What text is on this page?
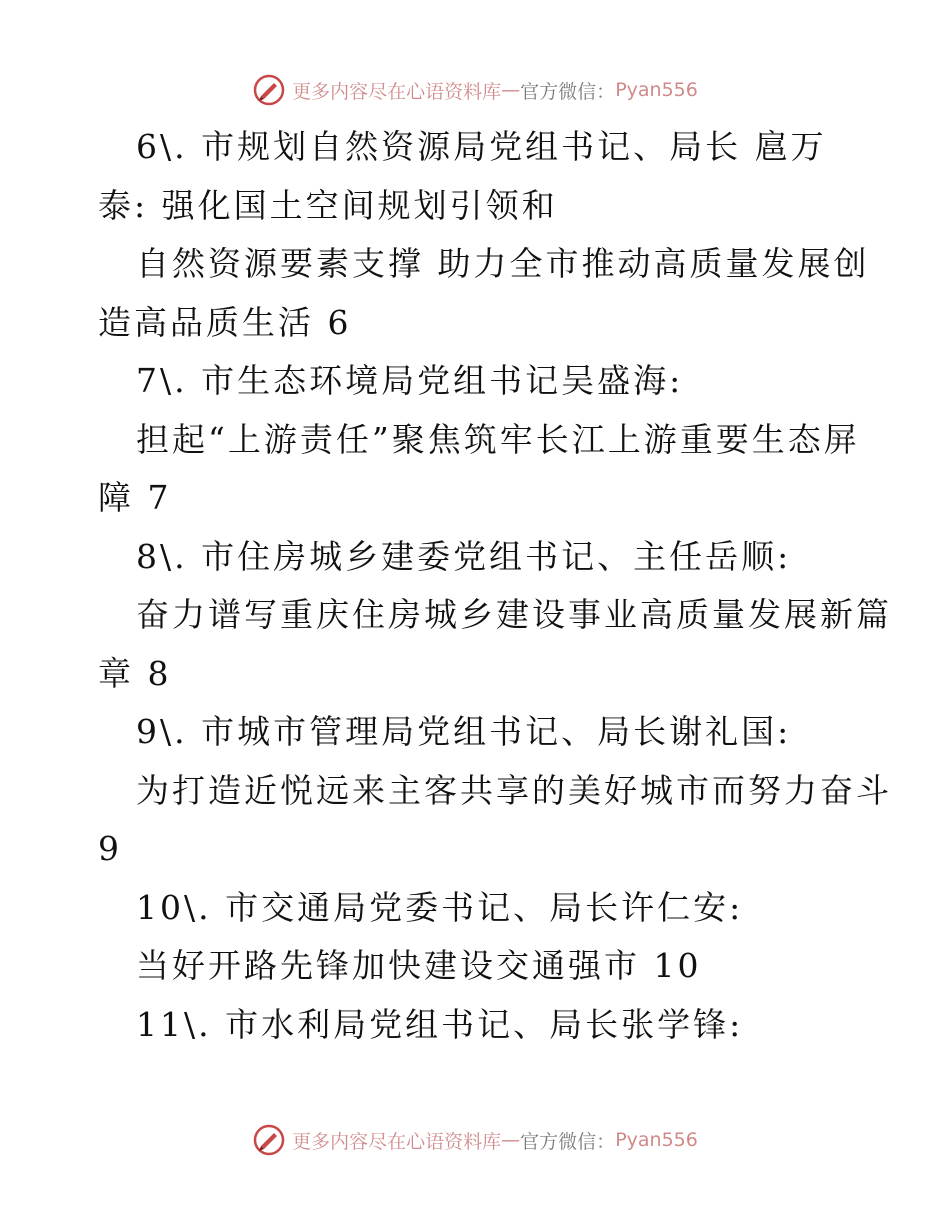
更多内容尽在心语资料库 — 官方微信： Pyan556
6\. 市规划自然资源局党组书记、局长 扈万
泰: 强化国土空间规划引领和
自然资源要素支撑 助力全市推动高质量发展创
造高品质生活 6
7\. 市生态环境局党组书记吴盛海:
担起“上游责任”聚焦筑牢长江上游重要生态屏
障 7
8\. 市住房城乡建委党组书记、主任岳顺:
奋力谱写重庆住房城乡建设事业高质量发展新篇
章 8
9\. 市城市管理局党组书记、局长谢礼国:
为打造近悦远来主客共享的美好城市而努力奋斗
9
10\. 市交通局党委书记、局长许仁安:
当好开路先锋加快建设交通强市 10
11\. 市水利局党组书记、局长张学锋:
更多内容尽在心语资料库 — 官方微信： Pyan556
